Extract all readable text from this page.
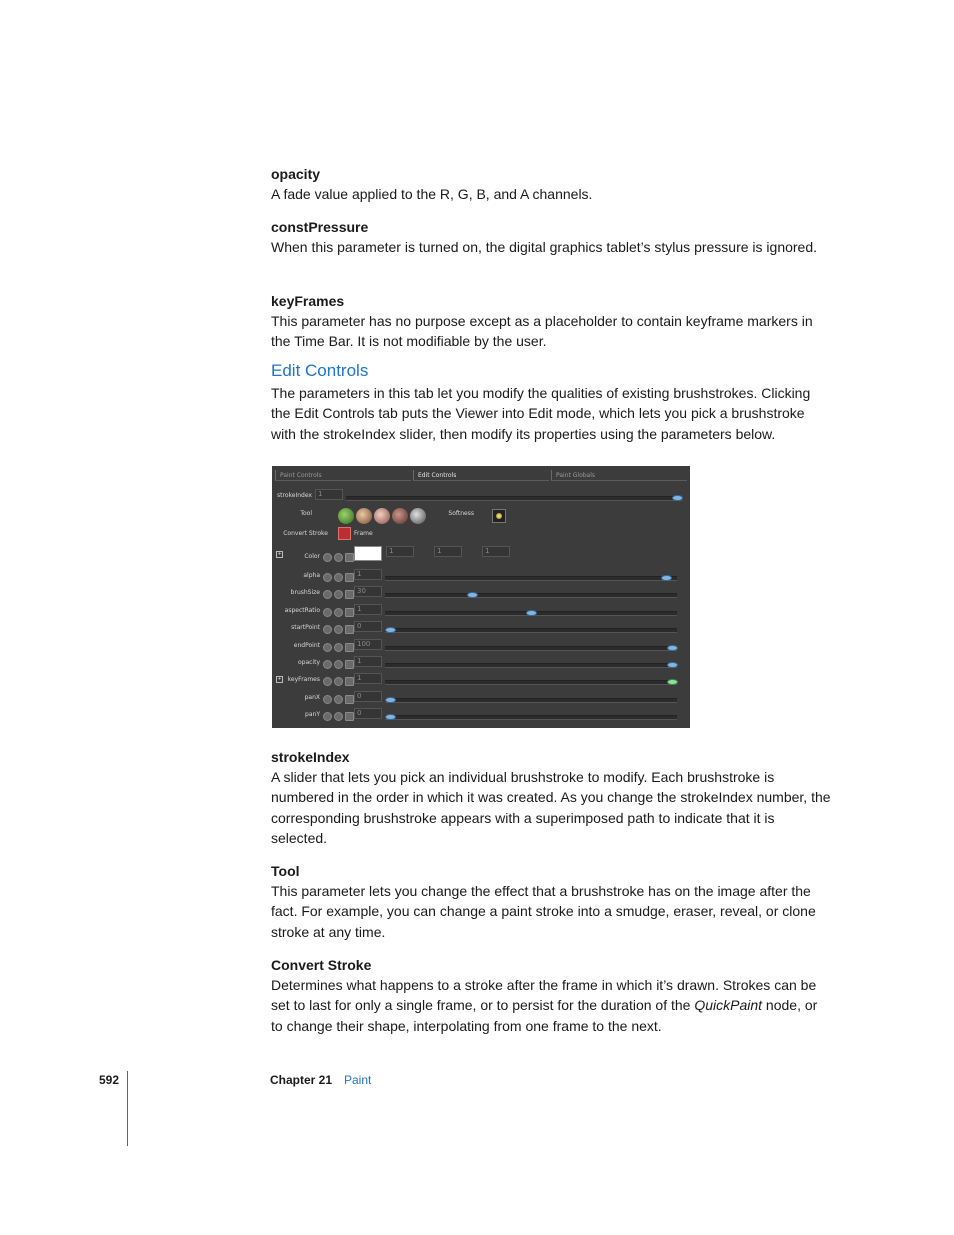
opacity

A fade value applied to the R, G, B, and A channels.

constPressure

When this parameter is turned on, the digital graphics tablet’s stylus pressure is ignored.

keyFrames

This parameter has no purpose except as a placeholder to contain keyframe markers in the Time Bar. It is not modifiable by the user.

Edit Controls

The parameters in this tab let you modify the qualities of existing brushstrokes. Clicking the Edit Controls tab puts the Viewer into Edit mode, which lets you pick a brushstroke with the strokeIndex slider, then modify its properties using the parameters below.

Paint Controls	Edit Controls	Paint Globals
strokeIndex 1
Tool	Softness
Convert Stroke	Frame
+	Color
1	1	1
alpha	1
brushSize	30
aspectRatio	1
startPoint	0
endPoint	100
opacity	1
+	keyFrames	1
panX	0
panY	0
strokeIndex

A slider that lets you pick an individual brushstroke to modify. Each brushstroke is numbered in the order in which it was created. As you change the strokeIndex number, the corresponding brushstroke appears with a superimposed path to indicate that it is selected.

Tool

This parameter lets you change the effect that a brushstroke has on the image after the fact. For example, you can change a paint stroke into a smudge, eraser, reveal, or clone stroke at any time.

Convert Stroke

Determines what happens to a stroke after the frame in which it’s drawn. Strokes can be set to last for only a single frame, or to persist for the duration of the QuickPaint node, or to change their shape, interpolating from one frame to the next.

592	Chapter 21 Paint
